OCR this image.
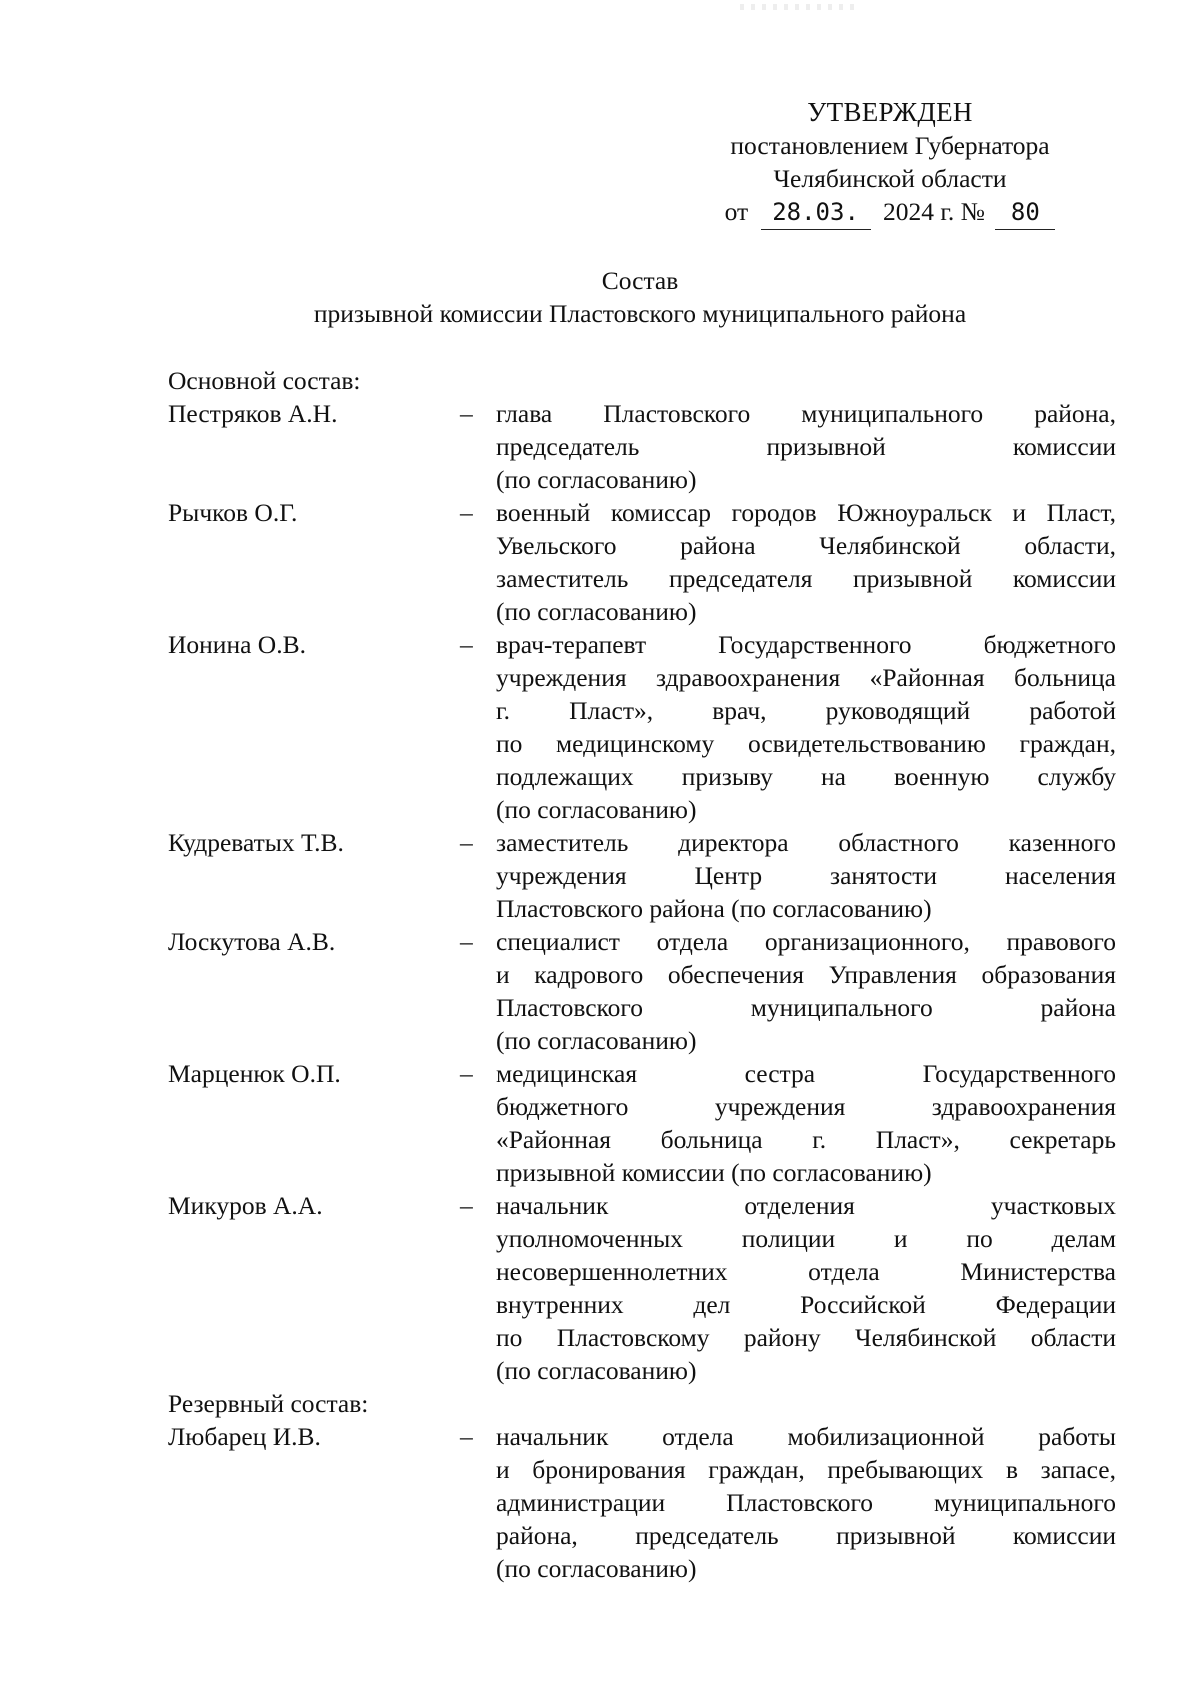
УТВЕРЖДЕН
постановлением Губернатора
Челябинской области
от 28.03. 2024 г. № 80
Состав
призывной комиссии Пластовского муниципального района
Основной состав:
Пестряков А.Н.	– глава Пластовского муниципального района,
председатель призывной комиссии
(по согласованию)
Рычков О.Г.	– военный комиссар городов Южноуральск и Пласт,
Увельского района Челябинской области,
заместитель председателя призывной комиссии
(по согласованию)
Ионина О.В.	– врач-терапевт Государственного бюджетного
учреждения здравоохранения «Районная больница
г. Пласт», врач, руководящий работой
по медицинскому освидетельствованию граждан,
подлежащих призыву на военную службу
(по согласованию)
Кудреватых Т.В.	– заместитель директора областного казенного
учреждения Центр занятости населения
Пластовского района (по согласованию)
Лоскутова А.В.	– специалист отдела организационного, правового
и кадрового обеспечения Управления образования
Пластовского муниципального района
(по согласованию)
Марценюк О.П.	– медицинская сестра Государственного
бюджетного учреждения здравоохранения
«Районная больница г. Пласт», секретарь
призывной комиссии (по согласованию)
Микуров А.А.	– начальник отделения участковых
уполномоченных полиции и по делам
несовершеннолетних отдела Министерства
внутренних дел Российской Федерации
по Пластовскому району Челябинской области
(по согласованию)
Резервный состав:
Любарец И.В.	– начальник отдела мобилизационной работы
и бронирования граждан, пребывающих в запасе,
администрации Пластовского муниципального
района, председатель призывной комиссии
(по согласованию)
